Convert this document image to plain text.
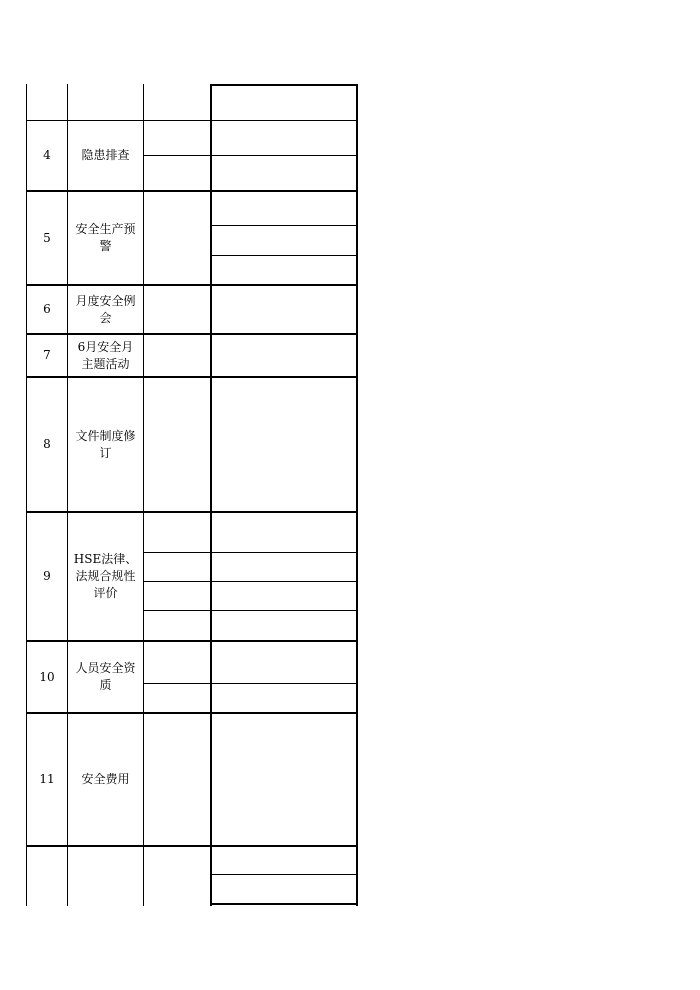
4	隐患排查
5
安全生产预
警
6
月度安全例
会
7
6月安全月
主题活动
8
文件制度修
订
9
HSE法律、
法规合规性
评价
10
人员安全资
质
11	安全费用
